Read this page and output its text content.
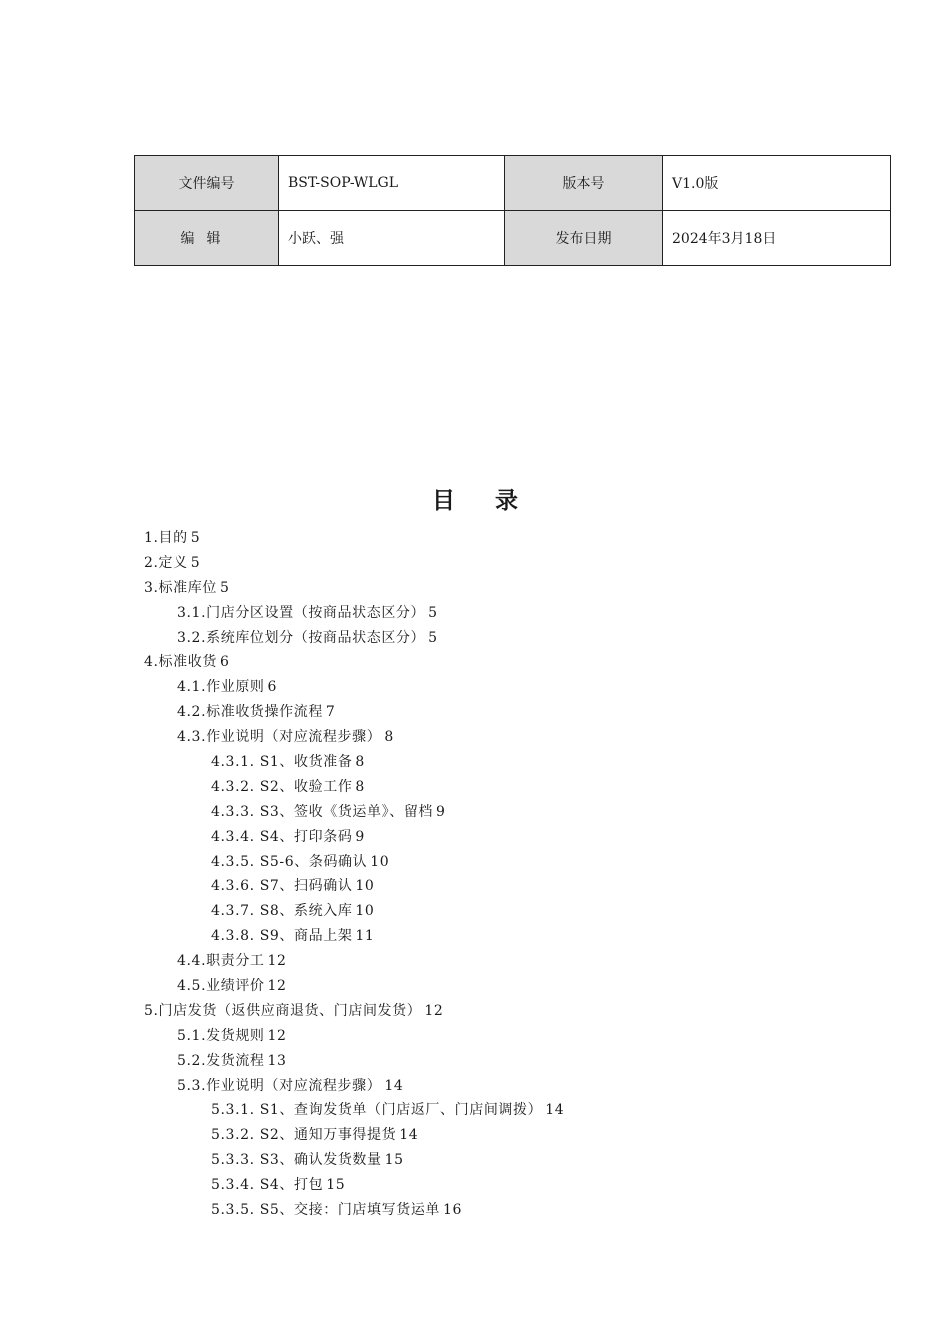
文件编号	BST-SOP-WLGL	版本号	V1.0版
编辑	小跃、强	发布日期	2024年3月18日
目录
1.目的 5
2.定义 5
3.标准库位 5
3.1.门店分区设置（按商品状态区分） 5
3.2.系统库位划分（按商品状态区分） 5
4.标准收货 6
4.1.作业原则 6
4.2.标准收货操作流程 7
4.3.作业说明（对应流程步骤） 8
4.3.1. S1、收货准备 8
4.3.2. S2、收验工作 8
4.3.3. S3、签收《货运单》、留档 9
4.3.4. S4、打印条码 9
4.3.5. S5-6、条码确认 10
4.3.6. S7、扫码确认 10
4.3.7. S8、系统入库 10
4.3.8. S9、商品上架 11
4.4.职责分工 12
4.5.业绩评价 12
5.门店发货（返供应商退货、门店间发货） 12
5.1.发货规则 12
5.2.发货流程 13
5.3.作业说明（对应流程步骤） 14
5.3.1. S1、查询发货单（门店返厂、门店间调拨） 14
5.3.2. S2、通知万事得提货 14
5.3.3. S3、确认发货数量 15
5.3.4. S4、打包 15
5.3.5. S5、交接：门店填写货运单 16
